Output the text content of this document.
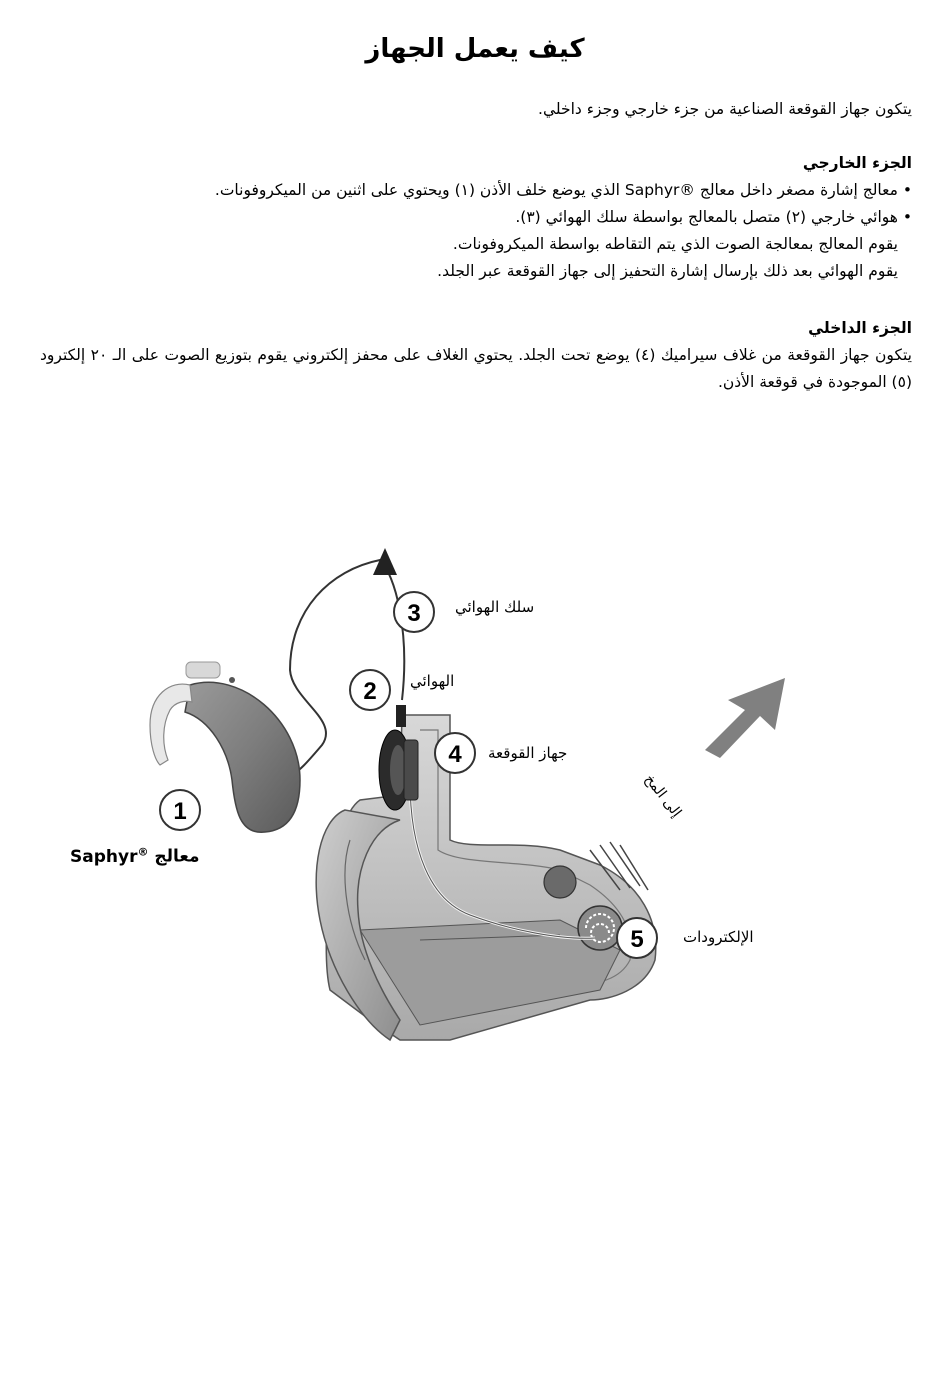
كيف يعمل الجهاز
يتكون جهاز القوقعة الصناعية من جزء خارجي وجزء داخلي.
الجزء الخارجي
• معالج إشارة مصغر داخل معالج ®Saphyr الذي يوضع خلف الأذن (١) ويحتوي على اثنين من الميكروفونات.
• هوائي خارجي (٢) متصل بالمعالج بواسطة سلك الهوائي (٣).
يقوم المعالج بمعالجة الصوت الذي يتم التقاطه بواسطة الميكروفونات.
يقوم الهوائي بعد ذلك بإرسال إشارة التحفيز إلى جهاز القوقعة عبر الجلد.
الجزء الداخلي
يتكون جهاز القوقعة من غلاف سيراميك (٤) يوضع تحت الجلد. يحتوي الغلاف على محفز إلكتروني يقوم بتوزيع الصوت على الـ ٢٠ إلكترود (٥) الموجودة في قوقعة الأذن.
1
2
3
4
5
سلك الهوائي
الهوائي
جهاز القوقعة
الإلكترودات
إلى المخ
معالج Saphyr®
